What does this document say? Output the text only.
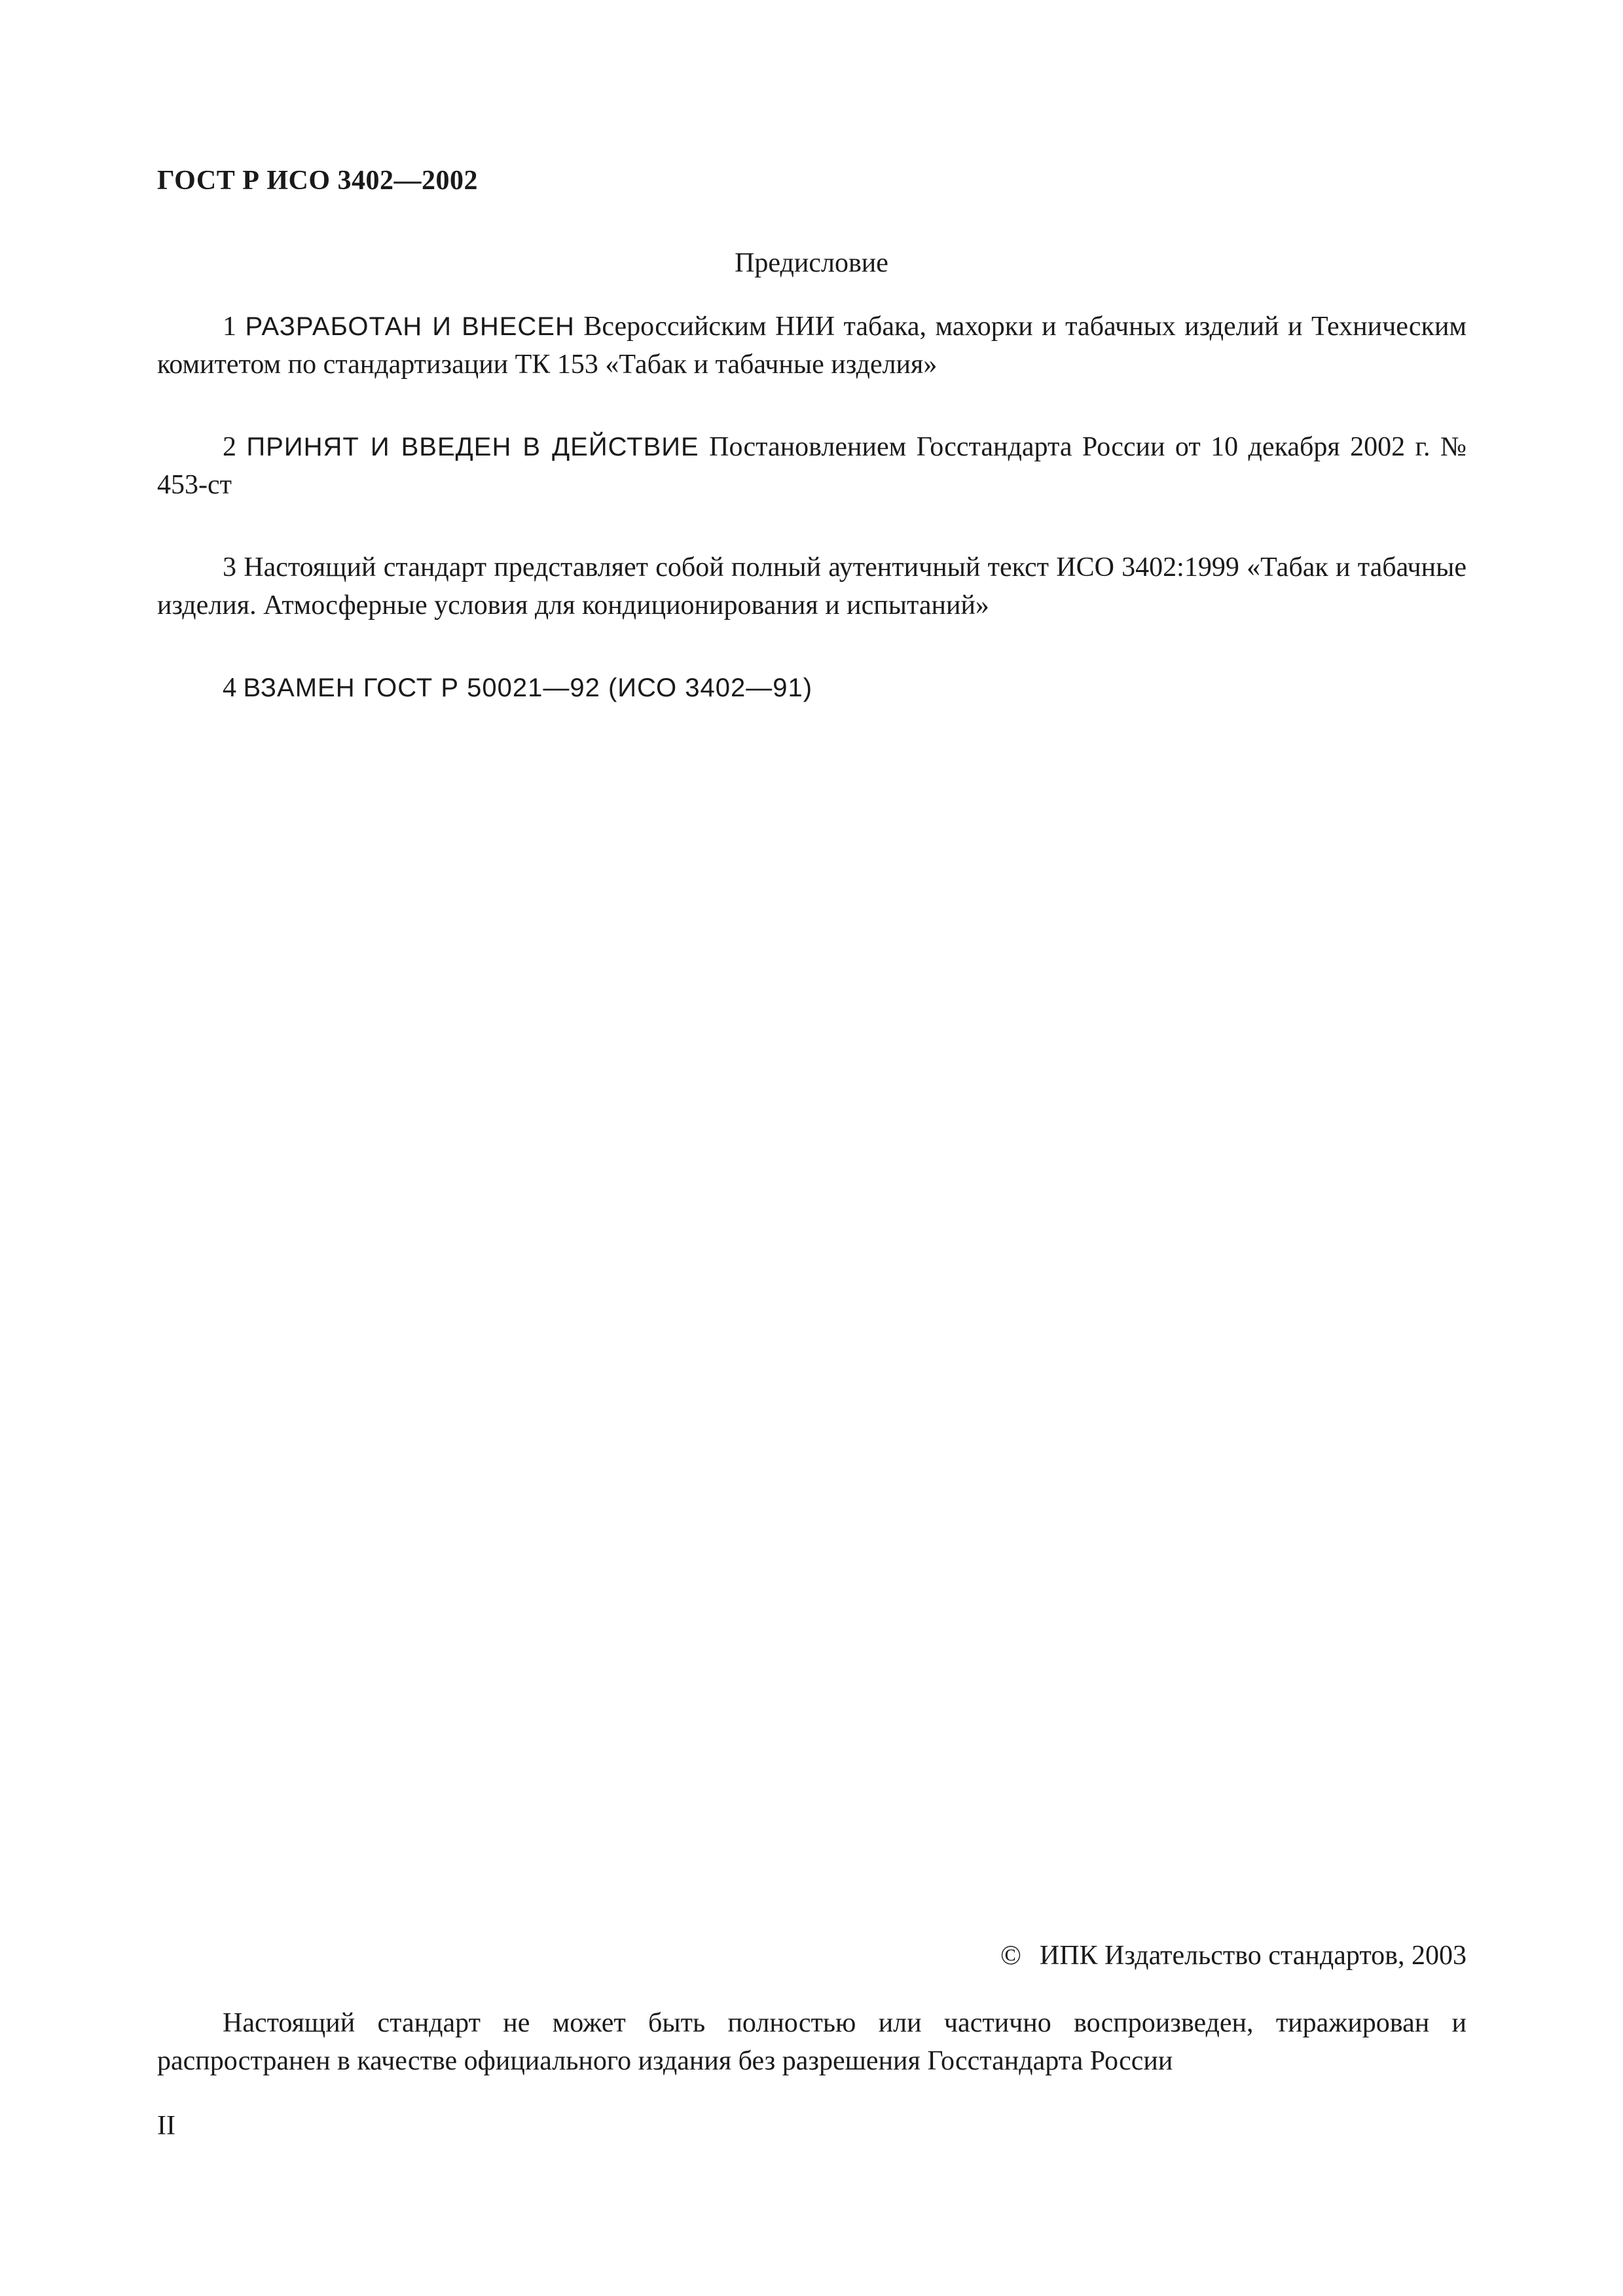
ГОСТ Р ИСО 3402—2002
Предисловие

1 РАЗРАБОТАН И ВНЕСЕН Всероссийским НИИ табака, махорки и табачных изделий и Техническим комитетом по стандартизации ТК 153 «Табак и табачные изделия»

2 ПРИНЯТ И ВВЕДЕН В ДЕЙСТВИЕ Постановлением Госстандарта России от 10 декабря 2002 г. № 453-ст

3 Настоящий стандарт представляет собой полный аутентичный текст ИСО 3402:1999 «Табак и табачные изделия. Атмосферные условия для кондиционирования и испытаний»

4 ВЗАМЕН ГОСТ Р 50021—92 (ИСО 3402—91)

© ИПК Издательство стандартов, 2003

Настоящий стандарт не может быть полностью или частично воспроизведен, тиражирован и распространен в качестве официального издания без разрешения Госстандарта России

II
